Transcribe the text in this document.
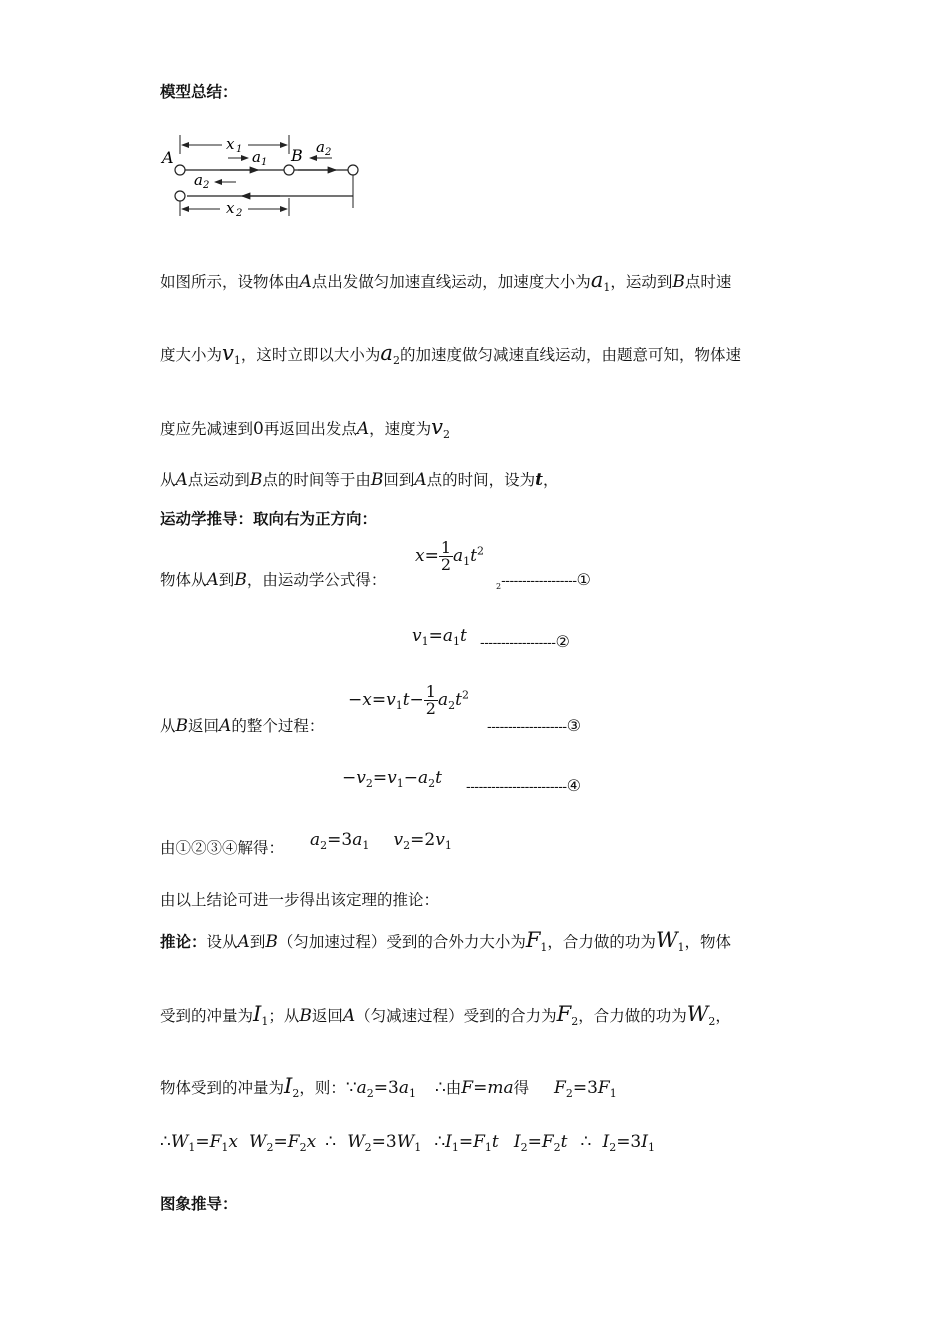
模型总结：
x 1
A	B
a 1
a 2
a 2
x 2
如图所示，设物体由A点出发做匀加速直线运动，加速度大小为$a_1$，运动到B点时速
度大小为$v_1$，这时立即以大小为$a_2$的加速度做匀减速直线运动，由题意可知，物体速
度应先减速到0再返回出发点A，速度为$v_2$
从A点运动到B点的时间等于由B回到A点的时间，设为t，
运动学推导：取向右为正方向：
物体从A到B，由运动学公式得：
$x= \frac{1}{2} a_1t^2$
$_2$------------------①
$v_1=a_1t$ ------------------②
从B返回A的整个过程：
$-x=v_1t- \frac{1}{2} a_2t^2$
-------------------③
$-v_2=v_1-a_2t$ ------------------------④
由①②③④解得： $a_2=3a_1$ $v_2=2v_1$
由以上结论可进一步得出该定理的推论：
推论：设从A到B（匀加速过程）受到的合外力大小为$F_1$，合力做的功为$W_1$，物体
受到的冲量为$I_1$；从B返回A（匀减速过程）受到的合力为$F_2$，合力做的功为$W_2$，
物体受到的冲量为$I_2$，则：$\because a_2=3a_1$ ∴由F=ma得 $F_2=3F_1$
$\therefore W_1=F_1x$ $W_2=F_2x$ ∴ $W_2=3W_1$ $\therefore I_1=F_1t$ $I_2=F_2t$ ∴ $I_2=3I_1$
图象推导：
